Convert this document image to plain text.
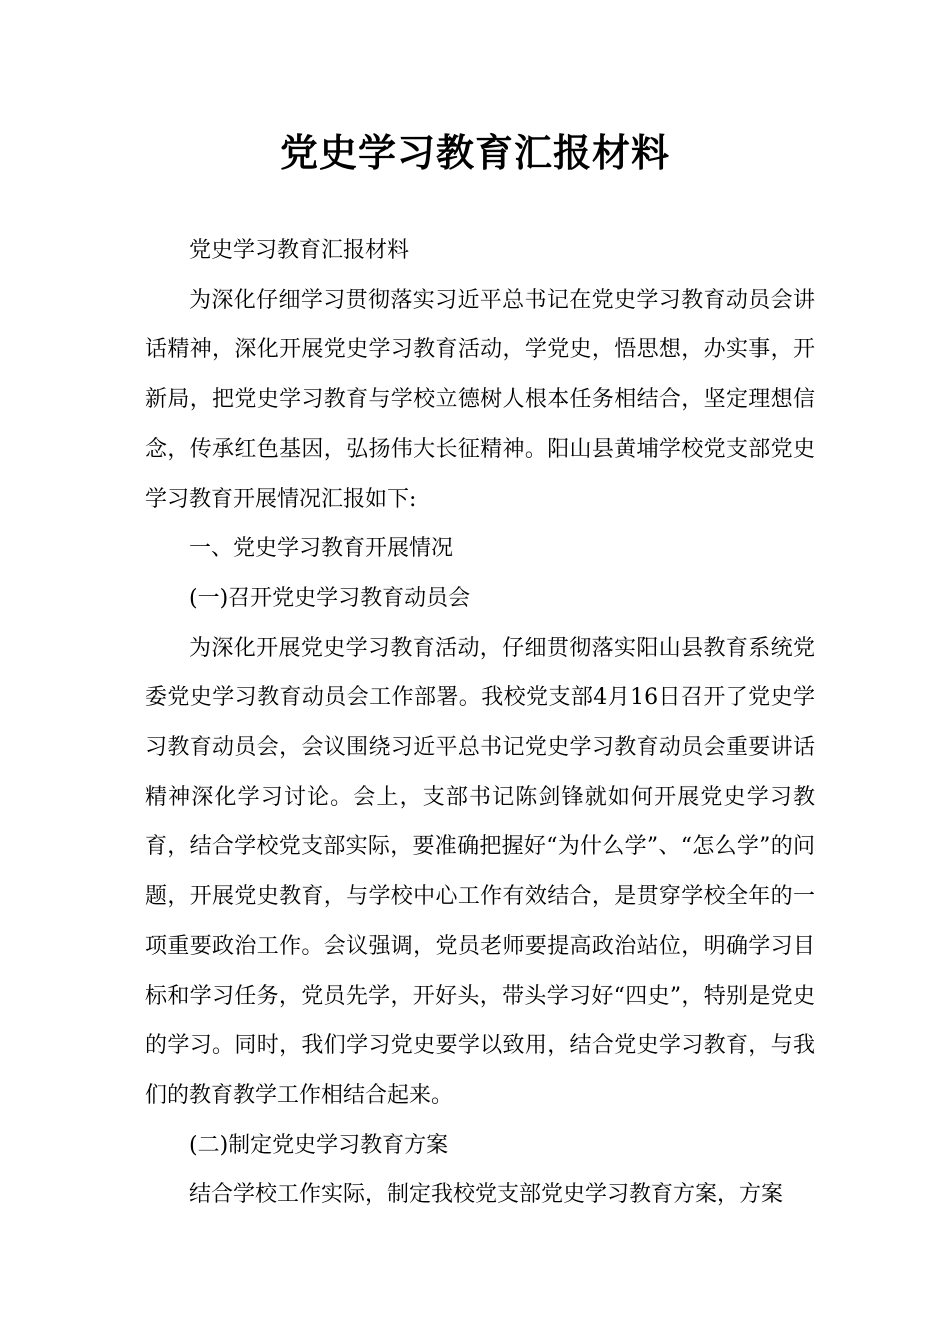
党史学习教育汇报材料

党史学习教育汇报材料

为深化仔细学习贯彻落实习近平总书记在党史学习教育动员会讲话精神，深化开展党史学习教育活动，学党史，悟思想，办实事，开新局，把党史学习教育与学校立德树人根本任务相结合，坚定理想信念，传承红色基因，弘扬伟大长征精神。阳山县黄埔学校党支部党史学习教育开展情况汇报如下:

一、党史学习教育开展情况

(一)召开党史学习教育动员会

为深化开展党史学习教育活动，仔细贯彻落实阳山县教育系统党委党史学习教育动员会工作部署。我校党支部4月16日召开了党史学习教育动员会，会议围绕习近平总书记党史学习教育动员会重要讲话精神深化学习讨论。会上，支部书记陈剑锋就如何开展党史学习教育，结合学校党支部实际，要准确把握好“为什么学”、“怎么学”的问题，开展党史教育，与学校中心工作有效结合，是贯穿学校全年的一项重要政治工作。会议强调，党员老师要提高政治站位，明确学习目标和学习任务，党员先学，开好头，带头学习好“四史”，特别是党史的学习。同时，我们学习党史要学以致用，结合党史学习教育，与我们的教育教学工作相结合起来。

(二)制定党史学习教育方案

结合学校工作实际，制定我校党支部党史学习教育方案，方案
